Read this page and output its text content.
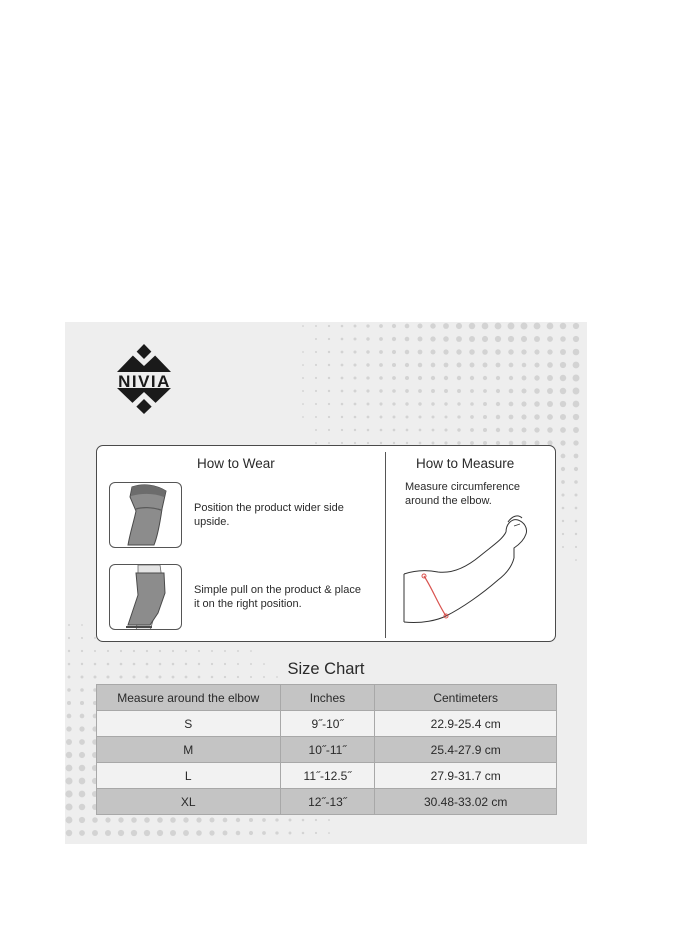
NIVIA
How to Wear
Position the product wider side upside.
Simple pull on the product & place it on the right position.
How to Measure
Measure circumference around the elbow.
Size Chart
Measure around the elbow	Inches	Centimeters
S	9˝-10˝	22.9-25.4 cm
M	10˝-11˝	25.4-27.9 cm
L	11˝-12.5˝	27.9-31.7 cm
XL	12˝-13˝	30.48-33.02 cm
